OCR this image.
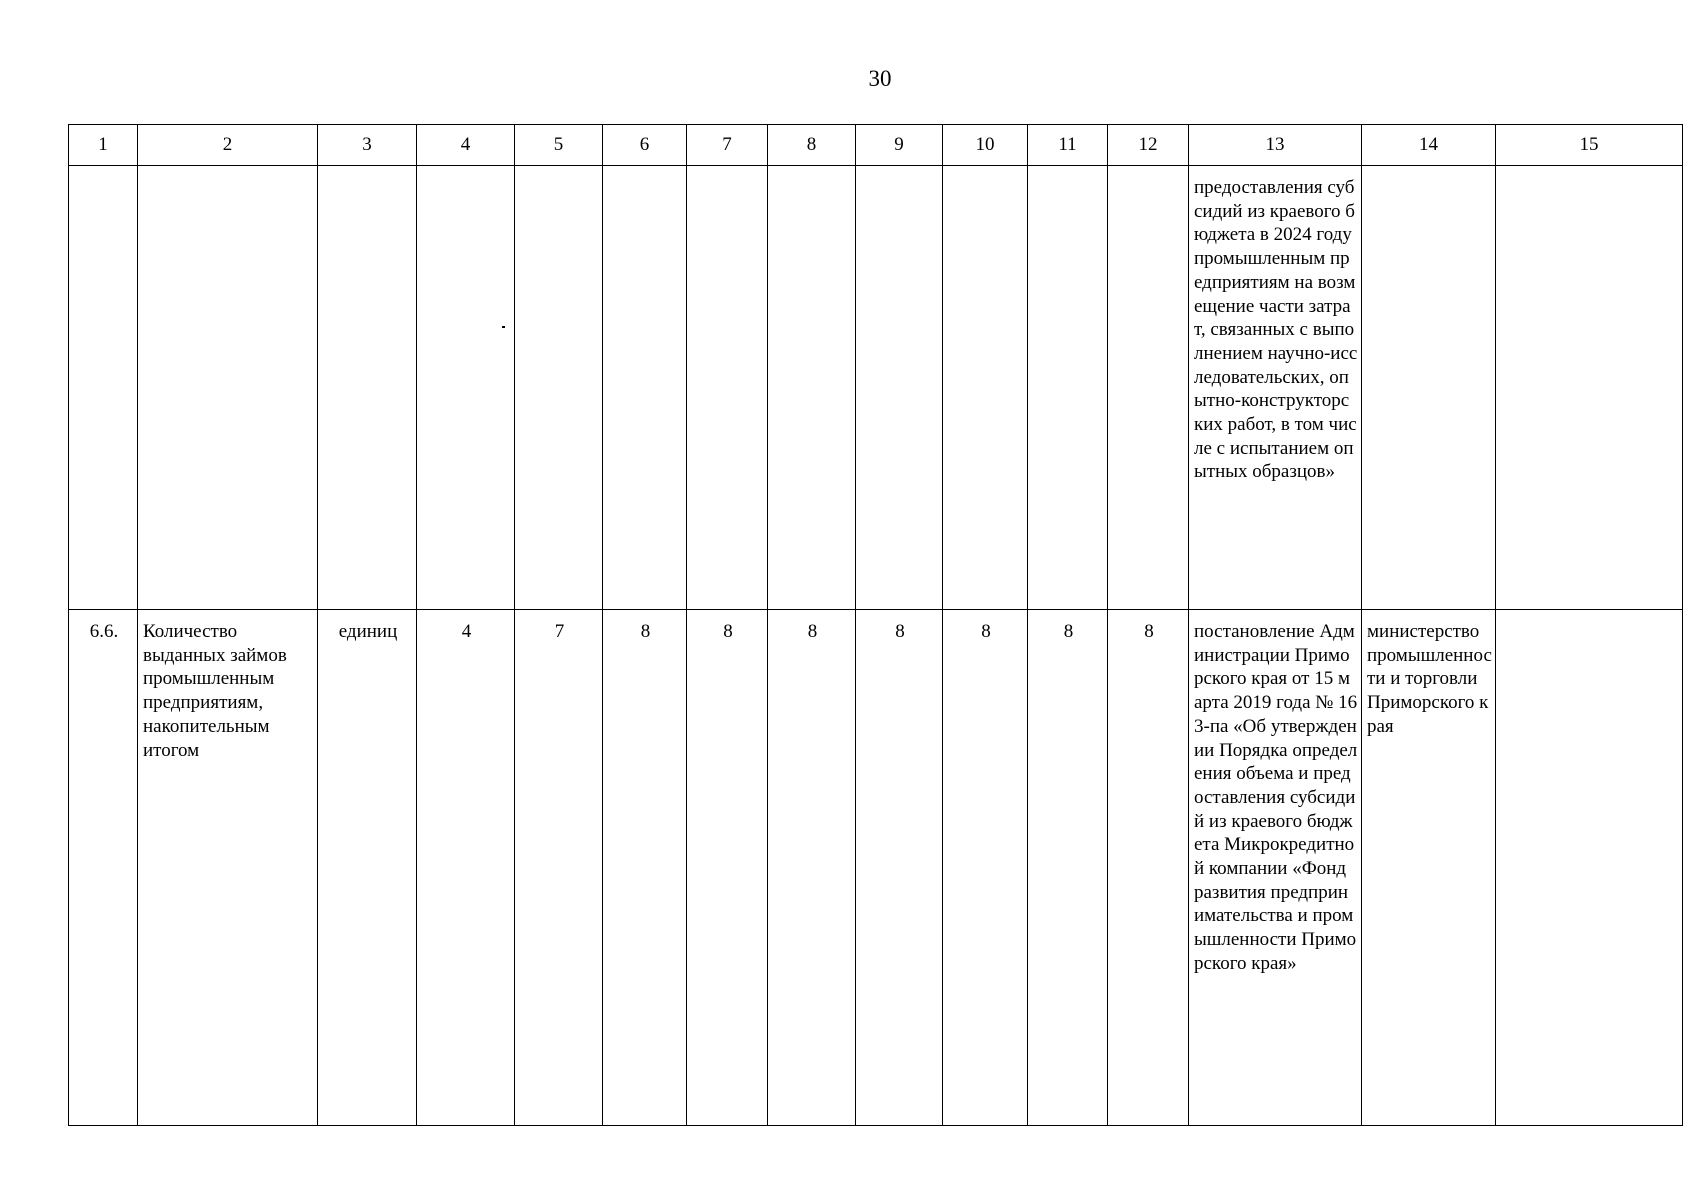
30
1	2	3	4	5	6	7	8	9	10	11	12	13	14	15
												предоставления субсидий из краевого бюджета в 2024 году промышленным предприятиям на возмещение части затрат, связанных с выполнением научно-исследовательских, опытно-конструкторских работ, в том числе с испытанием опытных образцов»		
6.6.	Количество выданных займов промышленным предприятиям, накопительным итогом	единиц	4	7	8	8	8	8	8	8	8	постановление Администрации Приморского края от 15 марта 2019 года № 163-па «Об утверждении Порядка определения объема и предоставления субсидий из краевого бюджета Микрокредитной компании «Фонд развития предпринимательства и промышленности Приморского края»	министерство промышленности и торговли Приморского края	
